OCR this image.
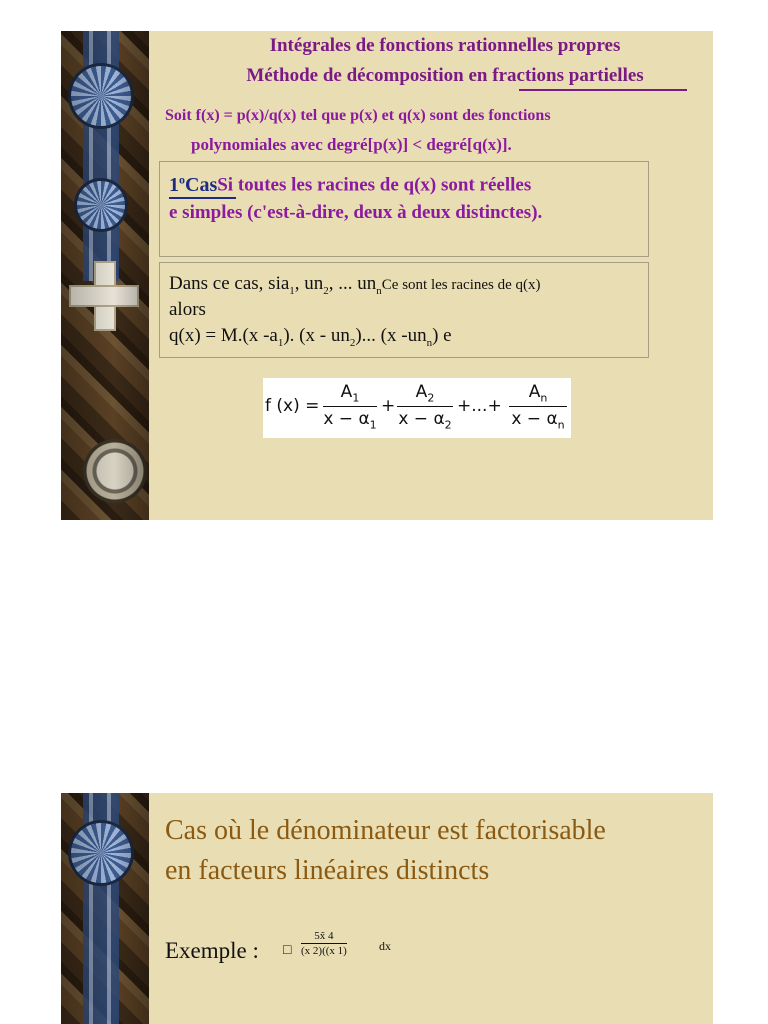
Intégrales de fonctions rationnelles propres
Méthode de décomposition en fractions partielles
Soit f(x) = p(x)/q(x) tel que p(x) et q(x) sont des fonctions
polynomiales avec degré[p(x)] < degré[q(x)].
1$^o$CasSi toutes les racines de q(x) sont réelles
e simples (c'est-à-dire, deux à deux distinctes).
Dans ce cas, sia$_1$, $un_2$, ... $un_nCe$ sont les racines de q(x)
alors
q(x) = M.(x $-a_1$). $(x - un_2)$... (x $-un_n$) e
f $(x) = \frac{A_1}{x - \alpha_1} + \frac{A_2}{x - \alpha_2}$ +...+ $\frac{A_n}{x - \alpha_n}$
Cas où le dénominateur est factorisable
en facteurs linéaires distincts
Exemple : □ $\frac{5x̃ 4}{(x 2)((x 1)}$	dx
